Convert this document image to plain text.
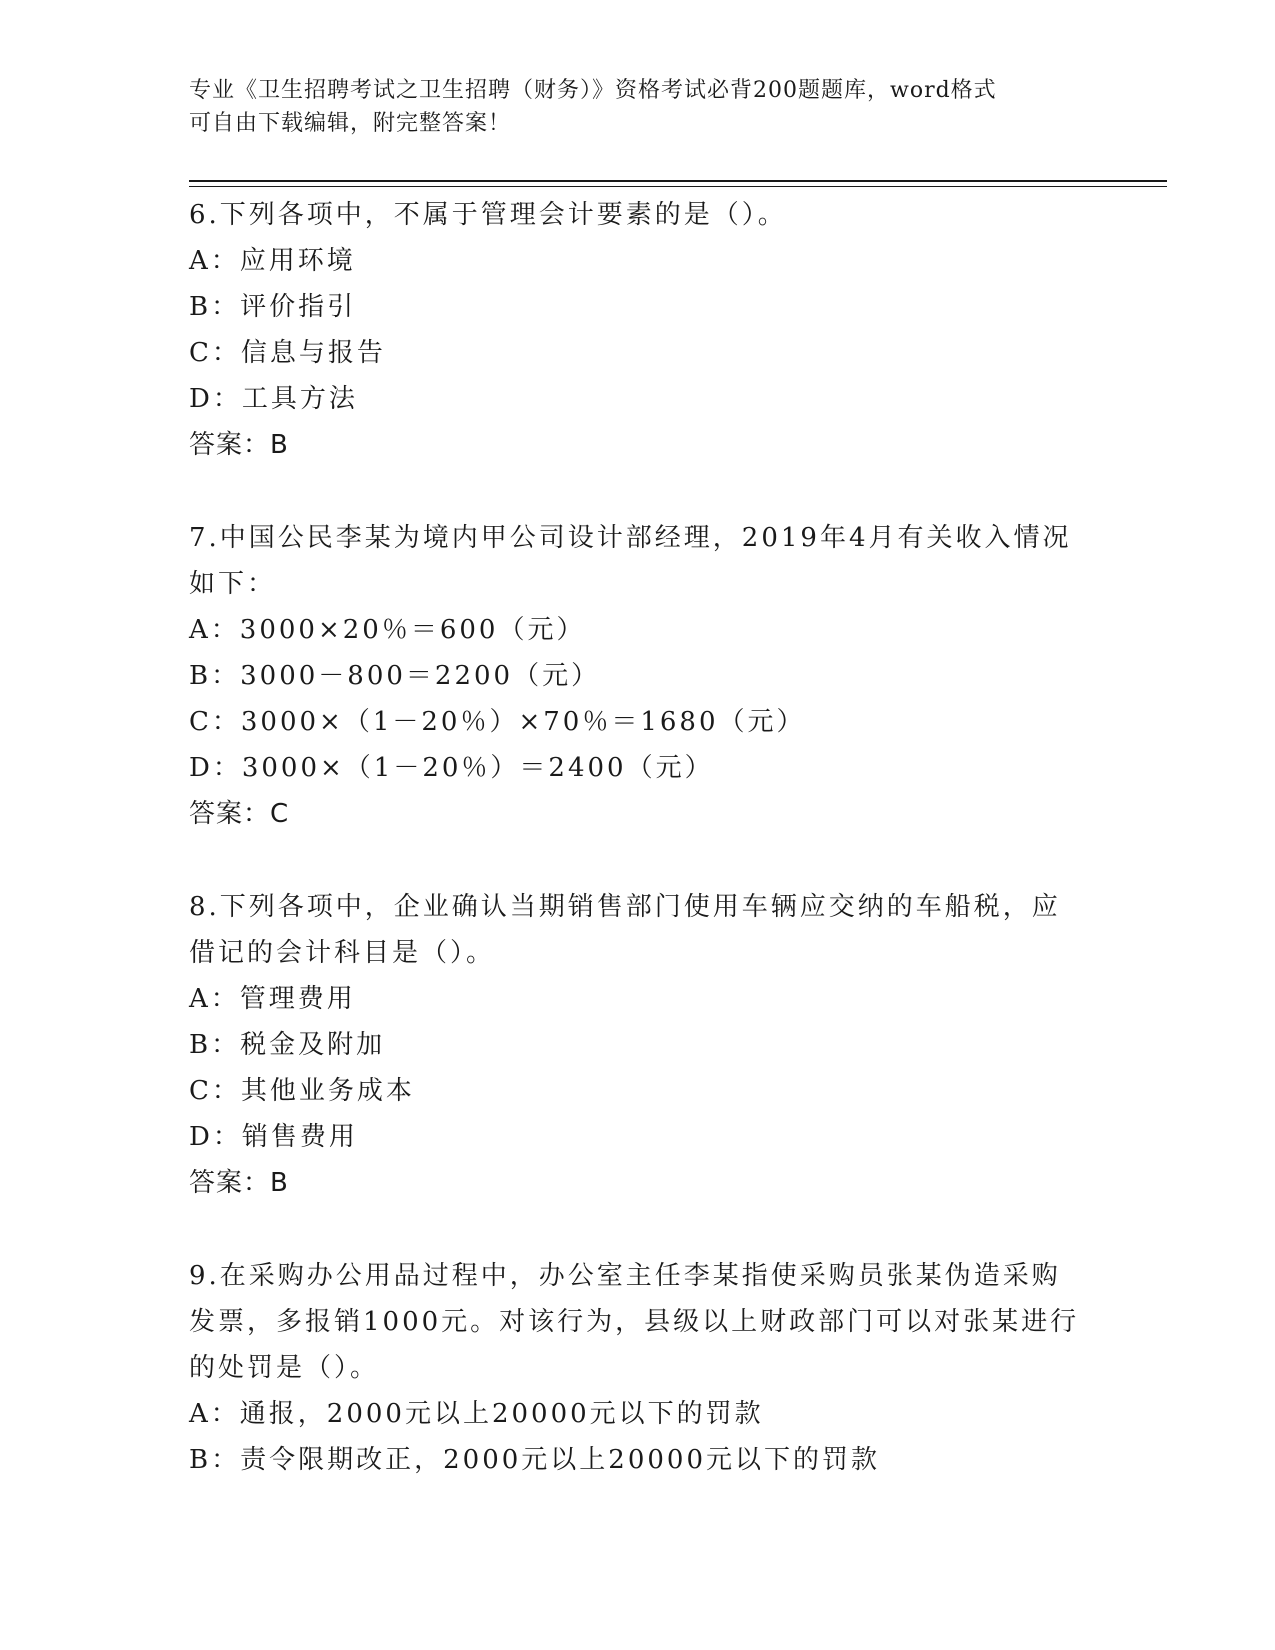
专业《卫生招聘考试之卫生招聘（财务）》资格考试必背200题题库，word格式
可自由下载编辑，附完整答案！
6.下列各项中，不属于管理会计要素的是（）。
A：应用环境
B：评价指引
C：信息与报告
D：工具方法
答案：B
7.中国公民李某为境内甲公司设计部经理，2019年4月有关收入情况
如下：
A：3000×20％＝600（元）
B：3000－800＝2200（元）
C：3000×（1－20％）×70％＝1680（元）
D：3000×（1－20％）＝2400（元）
答案：C
8.下列各项中，企业确认当期销售部门使用车辆应交纳的车船税，应
借记的会计科目是（）。
A：管理费用
B：税金及附加
C：其他业务成本
D：销售费用
答案：B
9.在采购办公用品过程中，办公室主任李某指使采购员张某伪造采购
发票，多报销1000元。对该行为，县级以上财政部门可以对张某进行
的处罚是（）。
A：通报，2000元以上20000元以下的罚款
B：责令限期改正，2000元以上20000元以下的罚款
